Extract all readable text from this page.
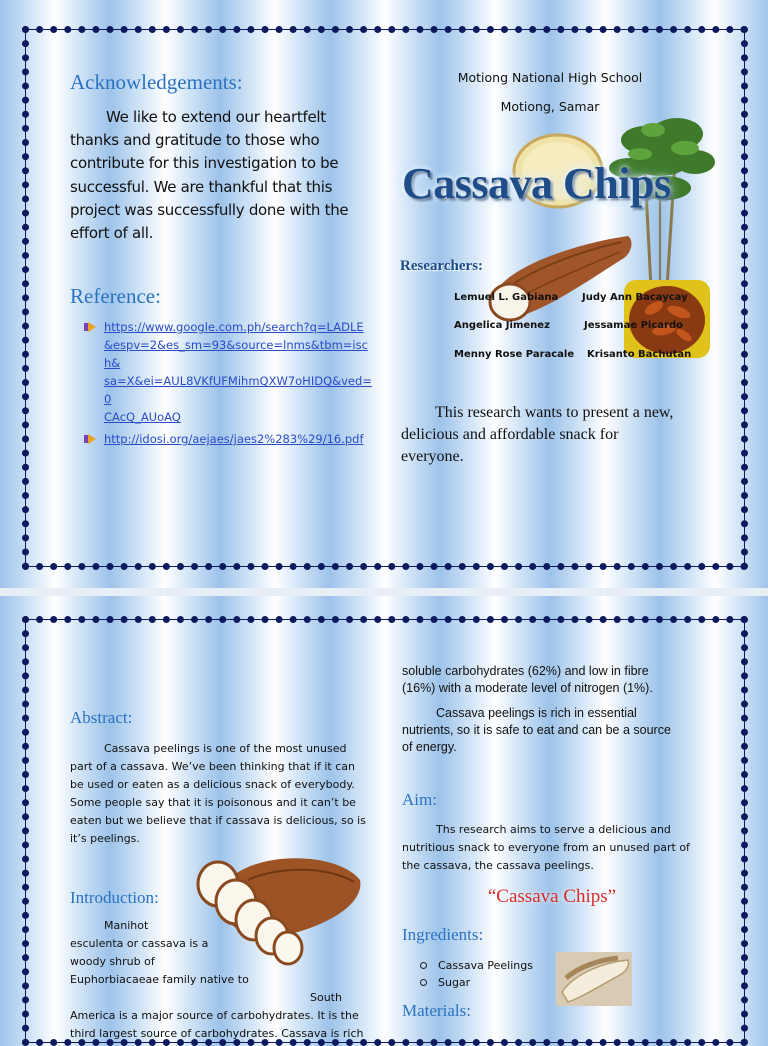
Acknowledgements:
We like to extend our heartfelt
thanks and gratitude to those who
contribute for this investigation to be
successful. We are thankful that this
project was successfully done with the
effort of all.
Reference:
https://www.google.com.ph/search?q=LADLE
&espv=2&es_sm=93&source=lnms&tbm=isch&
sa=X&ei=AUL8VKfUFMihmQXW7oHIDQ&ved=0
CAcQ_AUoAQ
http://idosi.org/aejaes/jaes2%283%29/16.pdf
Motiong National High School
Motiong, Samar
Cassava Chips
Researchers:
Lemuel L. Gabiana Judy Ann Bacaycay
Angelica Jimenez	Jessamae Picardo
Menny Rose Paracale Krisanto Bachutan
This research wants to present a new,
delicious and affordable snack for
everyone.
Abstract:
Cassava peelings is one of the most unused
part of a cassava. We’ve been thinking that if it can
be used or eaten as a delicious snack of everybody.
Some people say that it is poisonous and it can’t be
eaten but we believe that if cassava is delicious, so is
it’s peelings.
Introduction:
Manihot
esculenta or cassava is a
woody shrub of
Euphorbiacaeae family native to
South
America is a major source of carbohydrates. It is the
third largest source of carbohydrates. Cassava is rich
soluble carbohydrates (62%) and low in fibre
(16%) with a moderate level of nitrogen (1%).
Cassava peelings is rich in essential
nutrients, so it is safe to eat and can be a source
of energy.
Aim:
Ths research aims to serve a delicious and
nutritious snack to everyone from an unused part of
the cassava, the cassava peelings.
“Cassava Chips”
Ingredients:
Cassava Peelings
Sugar
Materials:
